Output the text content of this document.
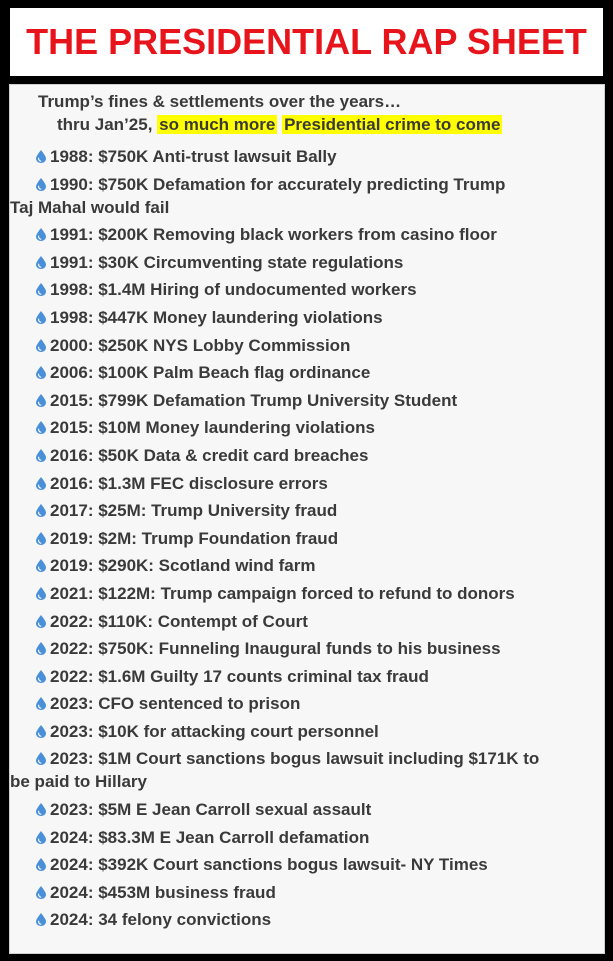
THE PRESIDENTIAL RAP SHEET
Trump’s fines & settlements over the years…
thru Jan’25, so much more Presidential crime to come
1988: $750K Anti-trust lawsuit Bally
1990: $750K Defamation for accurately predicting Trump
Taj Mahal would fail
1991: $200K Removing black workers from casino floor
1991: $30K Circumventing state regulations
1998: $1.4M Hiring of undocumented workers
1998: $447K Money laundering violations
2000: $250K NYS Lobby Commission
2006: $100K Palm Beach flag ordinance
2015: $799K Defamation Trump University Student
2015: $10M Money laundering violations
2016: $50K Data & credit card breaches
2016: $1.3M FEC disclosure errors
2017: $25M: Trump University fraud
2019: $2M: Trump Foundation fraud
2019: $290K: Scotland wind farm
2021: $122M: Trump campaign forced to refund to donors
2022: $110K: Contempt of Court
2022: $750K: Funneling Inaugural funds to his business
2022: $1.6M Guilty 17 counts criminal tax fraud
2023: CFO sentenced to prison
2023: $10K for attacking court personnel
2023: $1M Court sanctions bogus lawsuit including $171K to
be paid to Hillary
2023: $5M E Jean Carroll sexual assault
2024: $83.3M E Jean Carroll defamation
2024: $392K Court sanctions bogus lawsuit- NY Times
2024: $453M business fraud
2024: 34 felony convictions
